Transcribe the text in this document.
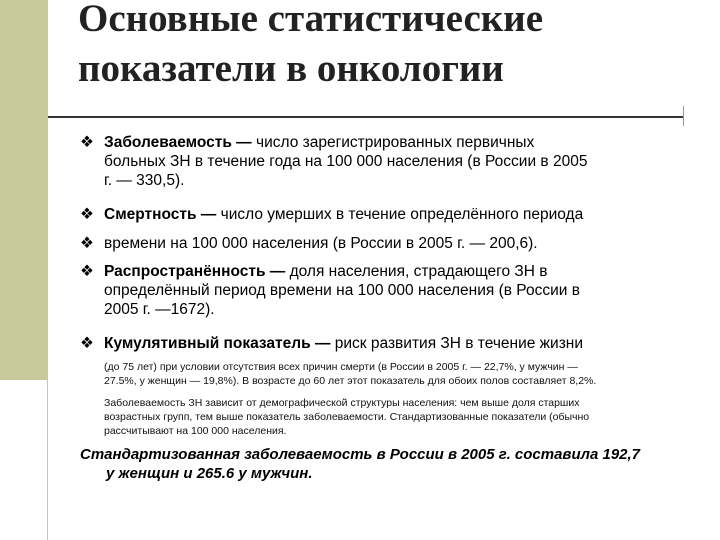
Основные статистические
показатели в онкологии
❖ Заболеваемость — число зарегистрированных первичных
больных ЗН в течение года на 100 000 населения (в России в 2005
г. — 330,5).
❖ Смертность — число умерших в течение определённого периода
❖ времени на 100 000 населения (в России в 2005 г. — 200,6).
❖ Распространённость — доля населения, страдающего ЗН в
определённый период времени на 100 000 населения (в России в
2005 г. —1672).
❖ Кумулятивный показатель — риск развития ЗН в течение жизни
(до 75 лет) при условии отсутствия всех причин смерти (в России в 2005 г. — 22,7%, у мужчин —
27.5%, у женщин — 19,8%). В возрасте до 60 лет этот показатель для обоих полов составляет 8,2%.
Заболеваемость ЗН зависит от демографической структуры населения: чем выше доля старших
возрастных групп, тем выше показатель заболеваемости. Стандартизованные показатели (обычно
рассчитывают на 100 000 населения.
Стандартизованная заболеваемость в России в 2005 г. составила 192,7
у женщин и 265.6 у мужчин.
